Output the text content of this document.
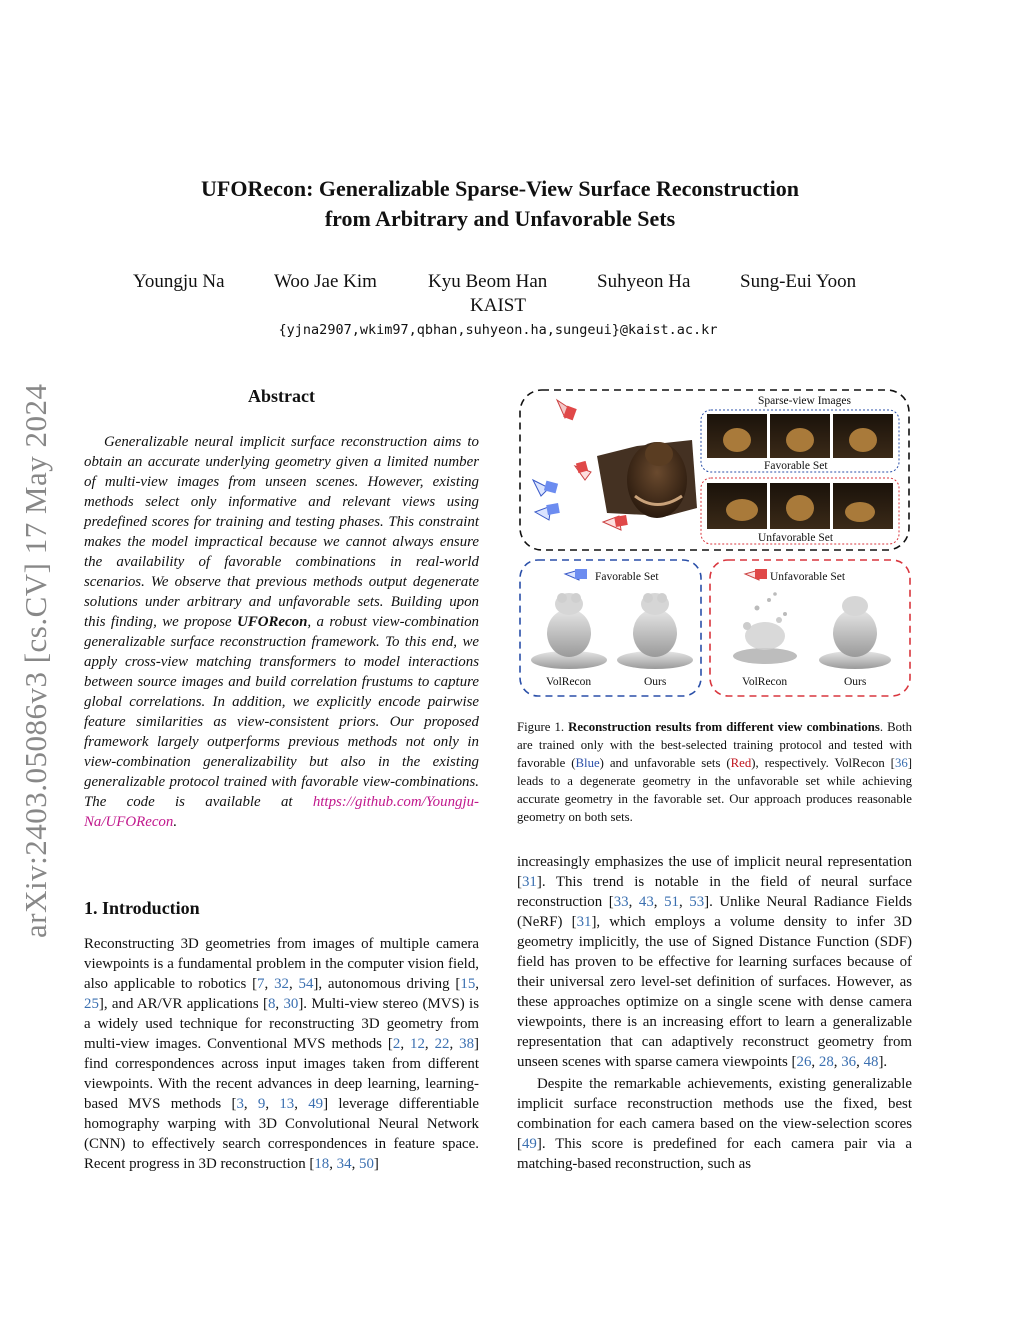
arXiv:2403.05086v3 [cs.CV] 17 May 2024
UFORecon: Generalizable Sparse-View Surface Reconstruction
from Arbitrary and Unfavorable Sets
Youngju Na	Woo Jae Kim	Kyu Beom Han	Suhyeon Ha	Sung-Eui Yoon
KAIST
{yjna2907,wkim97,qbhan,suhyeon.ha,sungeui}@kaist.ac.kr
Abstract

Generalizable neural implicit surface reconstruction aims to obtain an accurate underlying geometry given a limited number of multi-view images from unseen scenes. However, existing methods select only informative and relevant views using predefined scores for training and testing phases. This constraint makes the model impractical because we cannot always ensure the availability of favorable combinations in real-world scenarios. We observe that previous methods output degenerate solutions under arbitrary and unfavorable sets. Building upon this finding, we propose UFORecon, a robust view-combination generalizable surface reconstruction framework. To this end, we apply cross-view matching transformers to model interactions between source images and build correlation frustums to capture global correlations. In addition, we explicitly encode pairwise feature similarities as view-consistent priors. Our proposed framework largely outperforms previous methods not only in view-combination generalizability but also in the existing generalizable protocol trained with favorable view-combinations. The code is available at https://github.com/Youngju-Na/UFORecon.

1. Introduction

Reconstructing 3D geometries from images of multiple camera viewpoints is a fundamental problem in the computer vision field, also applicable to robotics [7, 32, 54], autonomous driving [15, 25], and AR/VR applications [8, 30]. Multi-view stereo (MVS) is a widely used technique for reconstructing 3D geometry from multi-view images. Conventional MVS methods [2, 12, 22, 38] find correspondences across input images taken from different viewpoints. With the recent advances in deep learning, learning-based MVS methods [3, 9, 13, 49] leverage differentiable homography warping with 3D Convolutional Neural Network (CNN) to effectively search correspondences in feature space. Recent progress in 3D reconstruction [18, 34, 50]

Sparse-view Images
Favorable Set
Unfavorable Set
Favorable Set
VolRecon	Ours
Unfavorable Set
VolRecon	Ours
Figure 1. Reconstruction results from different view combinations. Both are trained only with the best-selected training protocol and tested with favorable (Blue) and unfavorable sets (Red), respectively. VolRecon [36] leads to a degenerate geometry in the unfavorable set while achieving accurate geometry in the favorable set. Our approach produces reasonable geometry on both sets.

increasingly emphasizes the use of implicit neural representation [31]. This trend is notable in the field of neural surface reconstruction [33, 43, 51, 53]. Unlike Neural Radiance Fields (NeRF) [31], which employs a volume density to infer 3D geometry implicitly, the use of Signed Distance Function (SDF) field has proven to be effective for learning surfaces because of their universal zero level-set definition of surfaces. However, as these approaches optimize on a single scene with dense camera viewpoints, there is an increasing effort to learn a generalizable representation that can adaptively reconstruct geometry from unseen scenes with sparse camera viewpoints [26, 28, 36, 48].

Despite the remarkable achievements, existing generalizable implicit surface reconstruction methods use the fixed, best combination for each camera based on the view-selection scores [49]. This score is predefined for each camera pair via a matching-based reconstruction, such as
